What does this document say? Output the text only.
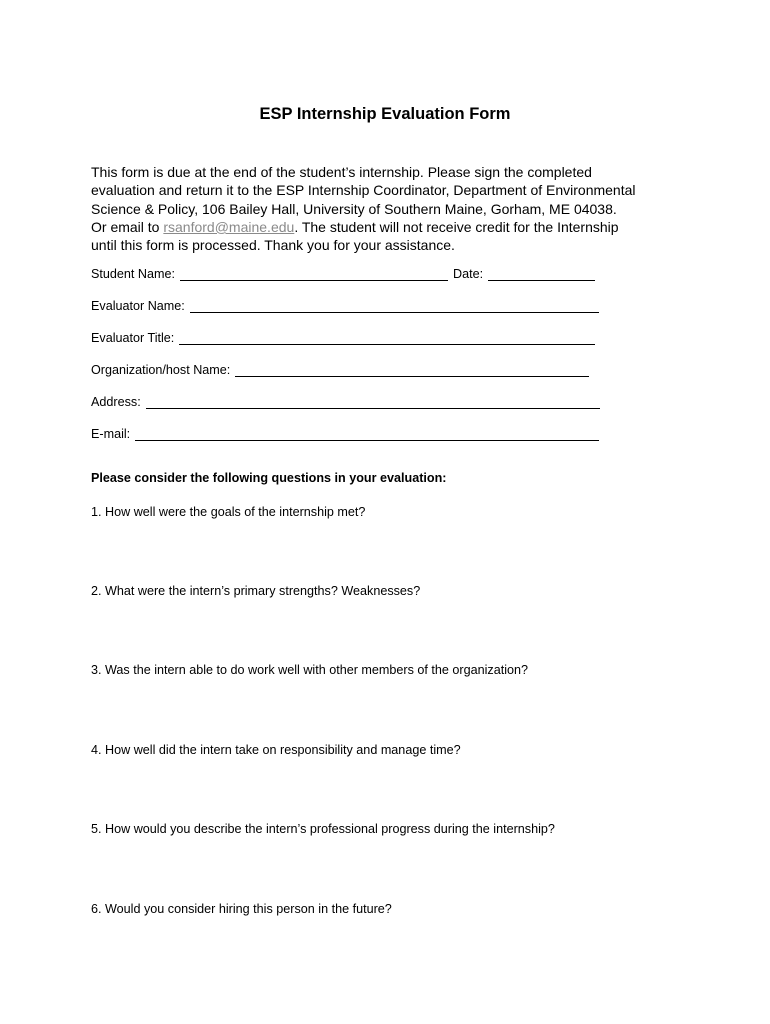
ESP Internship Evaluation Form
This form is due at the end of the student’s internship. Please sign the completed
evaluation and return it to the ESP Internship Coordinator, Department of Environmental
Science & Policy, 106 Bailey Hall, University of Southern Maine, Gorham, ME 04038.
Or email to rsanford@maine.edu. The student will not receive credit for the Internship
until this form is processed. Thank you for your assistance.
Student Name:	Date:
Evaluator Name:
Evaluator Title:
Organization/host Name:
Address:
E-mail:
Please consider the following questions in your evaluation:
1. How well were the goals of the internship met?
2. What were the intern’s primary strengths? Weaknesses?
3. Was the intern able to do work well with other members of the organization?
4. How well did the intern take on responsibility and manage time?
5. How would you describe the intern’s professional progress during the internship?
6. Would you consider hiring this person in the future?
